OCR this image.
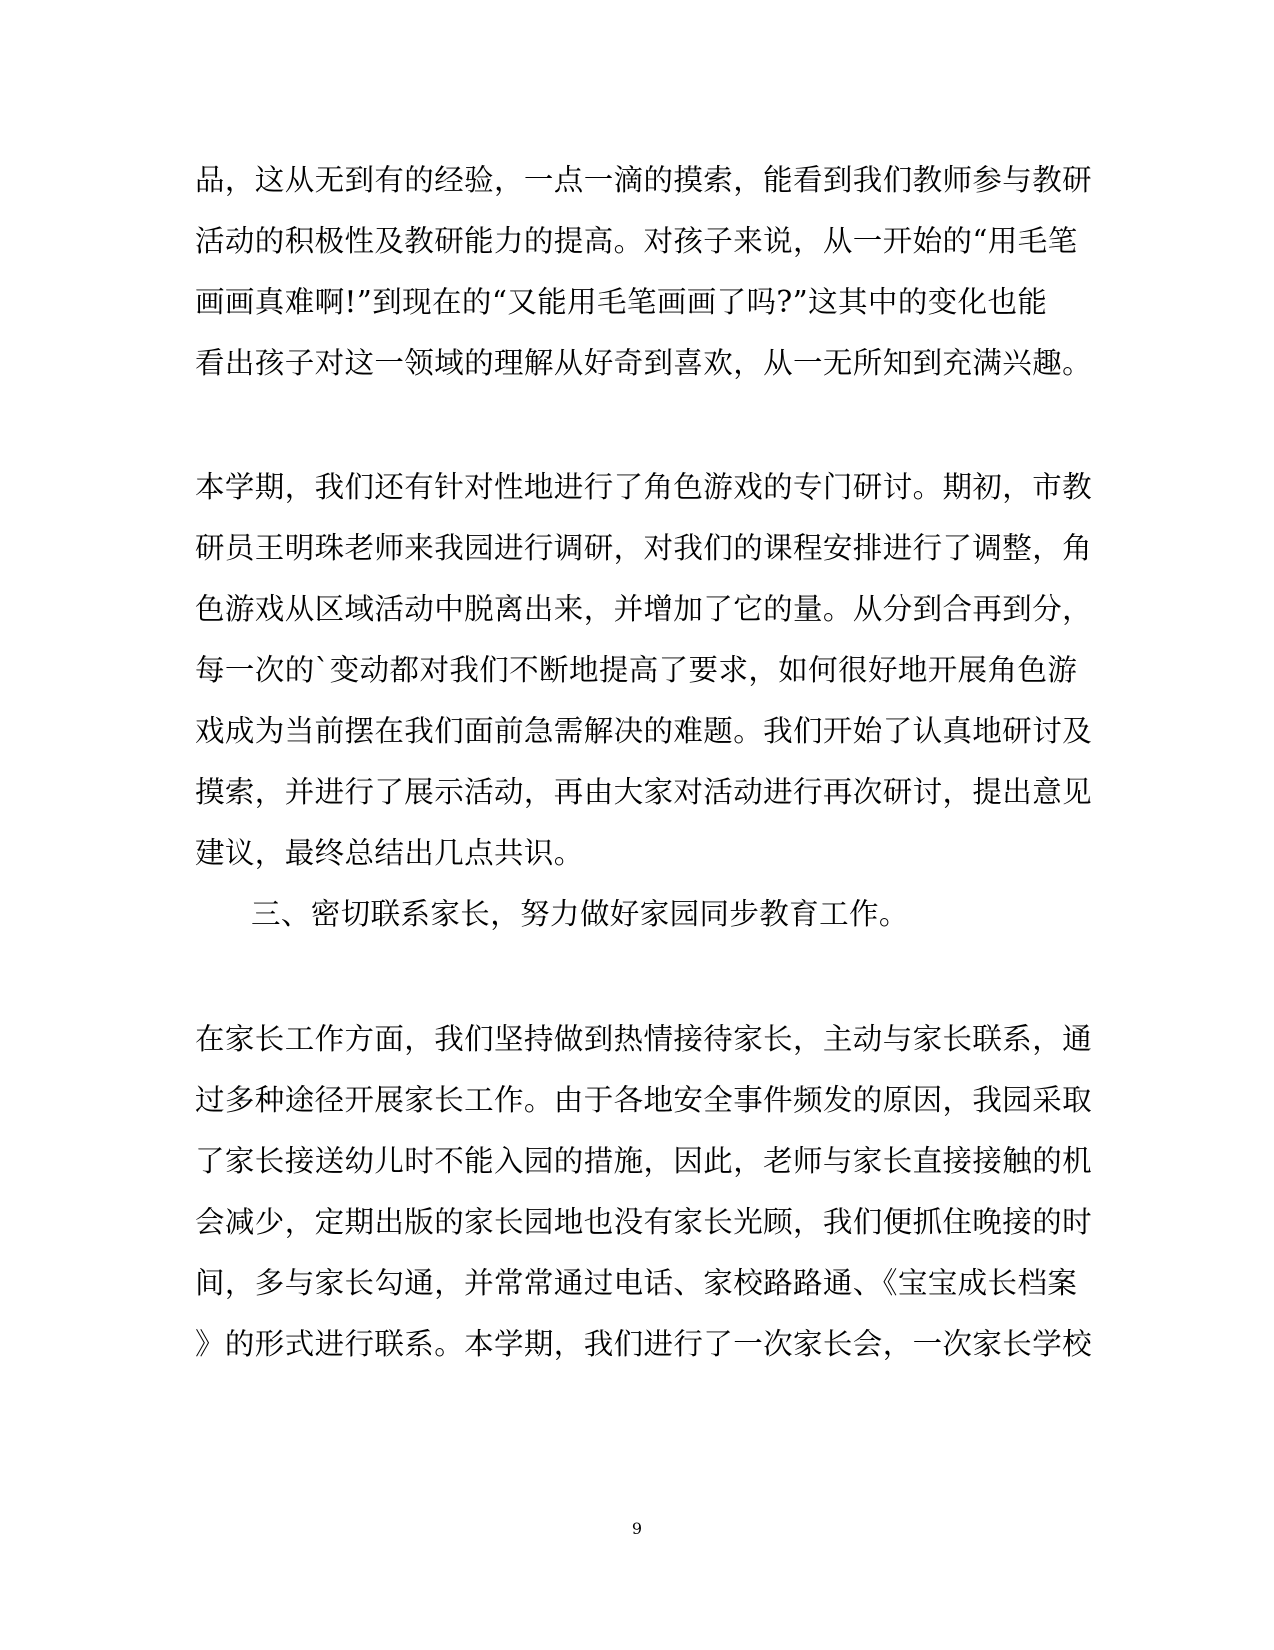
品，这从无到有的经验，一点一滴的摸索，能看到我们教师参与教研
活动的积极性及教研能力的提高。对孩子来说，从一开始的“用毛笔
画画真难啊!”到现在的“又能用毛笔画画了吗?”这其中的变化也能
看出孩子对这一领域的理解从好奇到喜欢，从一无所知到充满兴趣。
本学期，我们还有针对性地进行了角色游戏的专门研讨。期初，市教
研员王明珠老师来我园进行调研，对我们的课程安排进行了调整，角
色游戏从区域活动中脱离出来，并增加了它的量。从分到合再到分，
每一次的`变动都对我们不断地提高了要求，如何很好地开展角色游
戏成为当前摆在我们面前急需解决的难题。我们开始了认真地研讨及
摸索，并进行了展示活动，再由大家对活动进行再次研讨，提出意见
建议，最终总结出几点共识。
三、密切联系家长，努力做好家园同步教育工作。
在家长工作方面，我们坚持做到热情接待家长，主动与家长联系，通
过多种途径开展家长工作。由于各地安全事件频发的原因，我园采取
了家长接送幼儿时不能入园的措施，因此，老师与家长直接接触的机
会减少，定期出版的家长园地也没有家长光顾，我们便抓住晚接的时
间，多与家长勾通，并常常通过电话、家校路路通、《宝宝成长档案
》的形式进行联系。本学期，我们进行了一次家长会，一次家长学校
9
